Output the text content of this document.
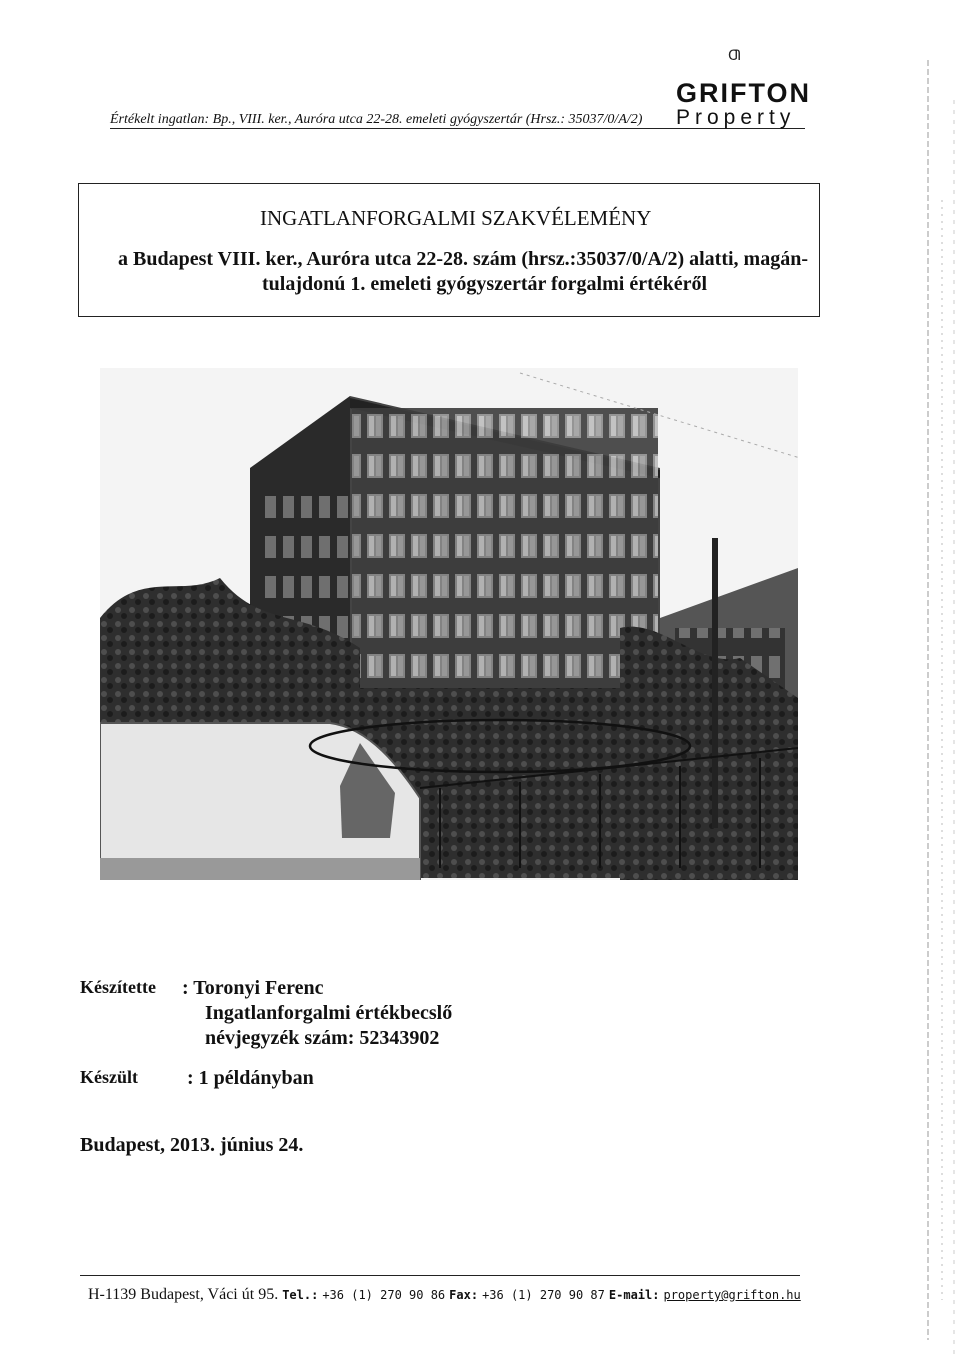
Értékelt ingatlan: Bp., VIII. ker., Auróra utca 22-28. emeleti gyógyszertár (Hrsz.: 35037/0/A/2)
Ƣ
GRIFTON
Property
INGATLANFORGALMI SZAKVÉLEMÉNY
a Budapest VIII. ker., Auróra utca 22-28. szám (hrsz.:35037/0/A/2) alatti, magán-
tulajdonú 1. emeleti gyógyszertár forgalmi értékéről
Készítette : Toronyi Ferenc
Ingatlanforgalmi értékbecslő
névjegyzék szám: 52343902
Készült : 1 példányban
Budapest, 2013. június 24.
H-1139 Budapest, Váci út 95. Tel.: +36 (1) 270 90 86 Fax: +36 (1) 270 90 87 E-mail: property@grifton.hu
